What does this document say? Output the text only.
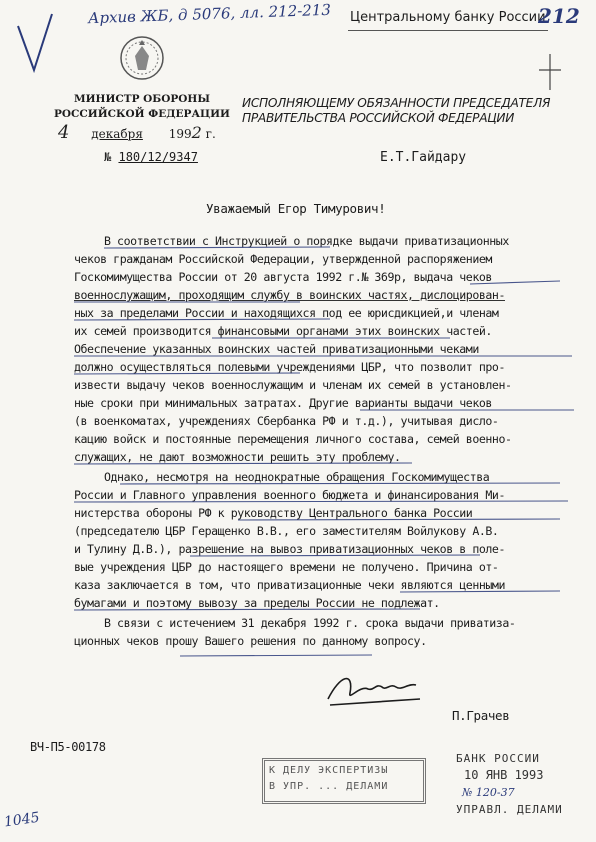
Архив ЖБ, д 5076, лл. 212-213	Центральному банку России
212
МИНИСТР ОБОРОНЫ
РОССИЙСКОЙ ФЕДЕРАЦИИ
4 декабря 1992 г.
№ 180/12/9347
ИСПОЛНЯЮЩЕМУ ОБЯЗАННОСТИ ПРЕДСЕДАТЕЛЯ
ПРАВИТЕЛЬСТВА РОССИЙСКОЙ ФЕДЕРАЦИИ
Е.Т.Гайдару
Уважаемый Егор Тимурович!
В соответствии с Инструкцией о порядке выдачи приватизационных
чеков гражданам Российской Федерации, утвержденной распоряжением
Госкомимущества России от 20 августа 1992 г.№ 369р, выдача чеков
военнослужащим, проходящим службу в воинских частях, дислоцирован-
ных за пределами России и находящихся под ее юрисдикцией,и членам
их семей производится финансовыми органами этих воинских частей.
Обеспечение указанных воинских частей приватизационными чеками
должно осуществляться полевыми учреждениями ЦБР, что позволит про-
извести выдачу чеков военнослужащим и членам их семей в установлен-
ные сроки при минимальных затратах. Другие варианты выдачи чеков
(в военкоматах, учреждениях Сбербанка РФ и т.д.), учитывая дисло-
кацию войск и постоянные перемещения личного состава, семей военно-
служащих, не дают возможности решить эту проблему.
Однако, несмотря на неоднократные обращения Госкомимущества
России и Главного управления военного бюджета и финансирования Ми-
нистерства обороны РФ к руководству Центрального банка России
(председателю ЦБР Геращенко В.В., его заместителям Войлукову А.В.
и Тулину Д.В.), разрешение на вывоз приватизационных чеков в поле-
вые учреждения ЦБР до настоящего времени не получено. Причина от-
каза заключается в том, что приватизационные чеки являются ценными
бумагами и поэтому вывозу за пределы России не подлежат.
В связи с истечением 31 декабря 1992 г. срока выдачи приватиза-
ционных чеков прошу Вашего решения по данному вопросу.
П.Грачев
ВЧ-П5-00178
К ДЕЛУ ЭКСПЕРТИЗЫ
В УПР. ... ДЕЛАМИ
БАНК РОССИИ
10 ЯНВ 1993
№ 120-37
УПРАВЛ. ДЕЛАМИ
1045
